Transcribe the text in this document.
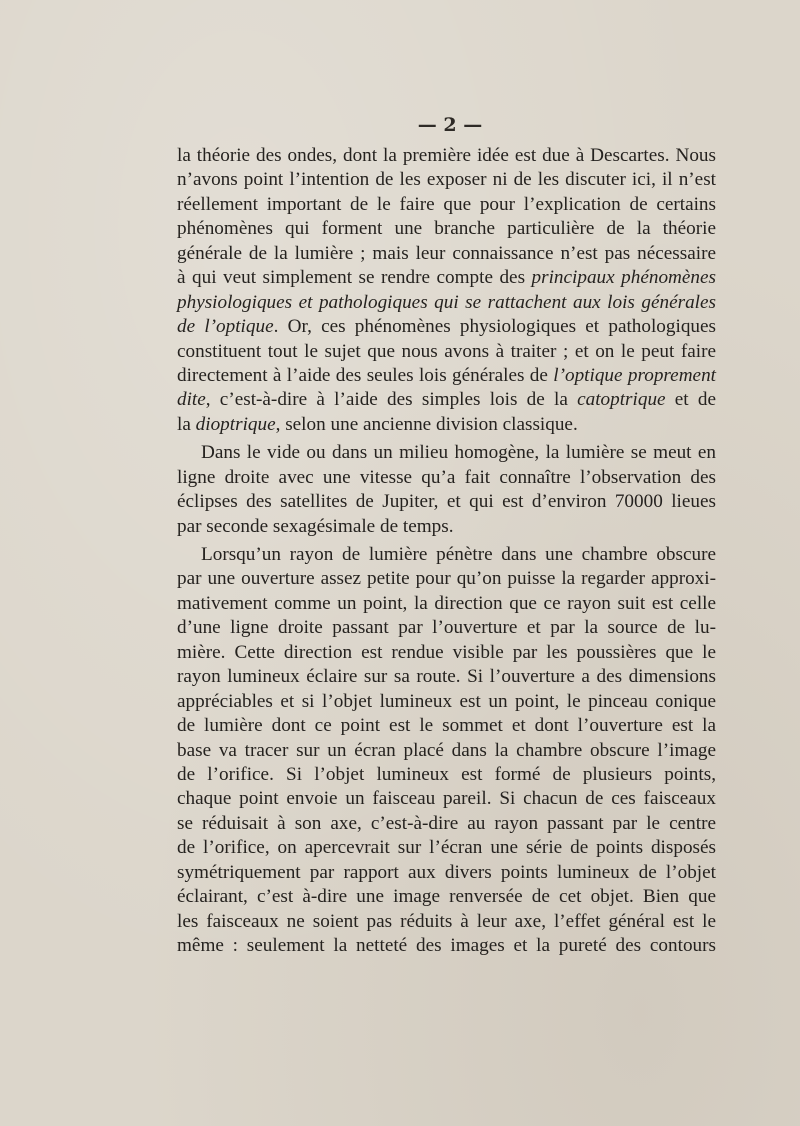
— 2 —
la théorie des ondes, dont la première idée est due à Descartes. Nous
n’avons point l’intention de les exposer ni de les discuter ici, il n’est
réellement important de le faire que pour l’explication de certains
phénomènes qui forment une branche particulière de la théorie
générale de la lumière ; mais leur connaissance n’est pas nécessaire
à qui veut simplement se rendre compte des principaux phénomènes
physiologiques et pathologiques qui se rattachent aux lois générales
de l’optique. Or, ces phénomènes physiologiques et pathologiques
constituent tout le sujet que nous avons à traiter ; et on le peut faire
directement à l’aide des seules lois générales de l’optique proprement
dite, c’est-à-dire à l’aide des simples lois de la catoptrique et de
la dioptrique, selon une ancienne division classique.
Dans le vide ou dans un milieu homogène, la lumière se meut en
ligne droite avec une vitesse qu’a fait connaître l’observation des
éclipses des satellites de Jupiter, et qui est d’environ 70000 lieues
par seconde sexagésimale de temps.
Lorsqu’un rayon de lumière pénètre dans une chambre obscure
par une ouverture assez petite pour qu’on puisse la regarder approxi-
mativement comme un point, la direction que ce rayon suit est celle
d’une ligne droite passant par l’ouverture et par la source de lu-
mière. Cette direction est rendue visible par les poussières que le
rayon lumineux éclaire sur sa route. Si l’ouverture a des dimensions
appréciables et si l’objet lumineux est un point, le pinceau conique
de lumière dont ce point est le sommet et dont l’ouverture est la
base va tracer sur un écran placé dans la chambre obscure l’image
de l’orifice. Si l’objet lumineux est formé de plusieurs points,
chaque point envoie un faisceau pareil. Si chacun de ces faisceaux
se réduisait à son axe, c’est-à-dire au rayon passant par le centre
de l’orifice, on apercevrait sur l’écran une série de points disposés
symétriquement par rapport aux divers points lumineux de l’objet
éclairant, c’est à-dire une image renversée de cet objet. Bien que
les faisceaux ne soient pas réduits à leur axe, l’effet général est le
même : seulement la netteté des images et la pureté des contours
